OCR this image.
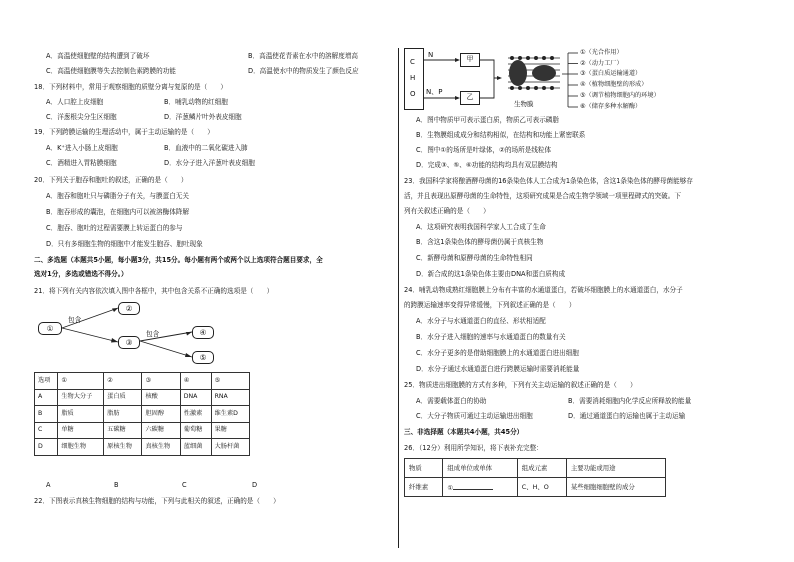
A．高温使细胞壁的结构遭到了破坏	B．高温使花青素在水中的溶解度增高
C．高温使细胞膜等失去控制色素跨膜的功能	D．高温使水中的物质发生了颜色反应
18．下列材料中，常用于观察细胞的质壁分离与复原的是（　　）
A．人口腔上皮细胞	B．哺乳动物的红细胞
C．洋葱根尖分生区细胞	D．洋葱鳞片叶外表皮细胞
19．下列跨膜运输的生理活动中，属于主动运输的是（　　）
A．K⁺进入小肠上皮细胞	B．血液中的二氧化碳进入肺
C．酒精进入胃粘膜细胞	D．水分子进入洋葱叶表皮细胞
20．下列关于胞吞和胞吐的叙述，正确的是（　　）
A．胞吞和胞吐只与磷脂分子有关，与膜蛋白无关
B．胞吞形成的囊泡，在细胞内可以被溶酶体降解
C．胞吞、胞吐的过程需要膜上转运蛋白的参与
D．只有多细胞生物的细胞中才能发生胞吞、胞吐现象
二、多选题（本题共5小题，每小题3分，共15分。每小题有两个或两个以上选项符合题目要求，全
选对1分，多选或错选不得分。）
21．将下列有关内容依次填入图中各框中，其中包含关系不正确的选项是（　　）
①
包含
②
③
包含	④
⑤
选项	①	②	③	④	⑤
A	生物大分子	蛋白质	核酸	DNA	RNA
B	脂质	脂肪	胆固醇	性激素	维生素D
C	单糖	五碳糖	六碳糖	葡萄糖	果糖
D	细胞生物	原核生物	真核生物	蓝细菌	大肠杆菌
A	B	C	D
22．下图表示真核生物细胞的结构与功能，下列与此相关的叙述，正确的是（　　）
C
H
O
N
N、P
甲
乙
生物膜
①（光合作用）
②（动力工厂）
③（蛋白质运输通道）
④（植物细胞壁的形成）
⑤（调节植物细胞内的环境）
⑥（储存多种水解酶）
A．图中物质甲可表示蛋白质，物质乙可表示磷脂
B．生物膜组成成分和结构相似，在结构和功能上紧密联系
C．图中①的场所是叶绿体，②的场所是线粒体
D．完成③、⑤、⑥功能的结构均具有双层膜结构
23．我国科学家将酿酒酵母菌的16条染色体人工合成为1条染色体，含这1条染色体的酵母菌能够存
活，并且表现出原酵母菌的生命特性，这项研究成果是合成生物学领域一项里程碑式的突破。下
列有关叙述正确的是（　　）
A．这项研究表明我国科学家人工合成了生命
B．含这1条染色体的酵母菌仍属于真核生物
C．新酵母菌和原酵母菌的生命特性相同
D．新合成的这1条染色体主要由DNA和蛋白质构成
24．哺乳动物成熟红细胞膜上分布有丰富的水通道蛋白，若破坏细胞膜上的水通道蛋白，水分子
的跨膜运输速率变得异常缓慢，下列叙述正确的是（　　）
A．水分子与水通道蛋白的直径、形状相适配
B．水分子进入细胞的速率与水通道蛋白的数量有关
C．水分子更多的是借助细胞膜上的水通道蛋白进出细胞
D．水分子通过水通道蛋白进行跨膜运输时需要消耗能量
25．物质进出细胞膜的方式有多种，下列有关主动运输的叙述正确的是（　　）
A．需要载体蛋白的协助	B．需要消耗细胞内化学反应所释放的能量
C．大分子物质可通过主动运输进出细胞	D．通过通道蛋白的运输也属于主动运输
三、非选择题（本题共4小题，共45分）
26．（12分）利用所学知识，将下表补充完整：
物质	组成单位或单体	组成元素	主要功能或用途
纤维素	①	C、H、O	某些细胞细胞壁的成分
